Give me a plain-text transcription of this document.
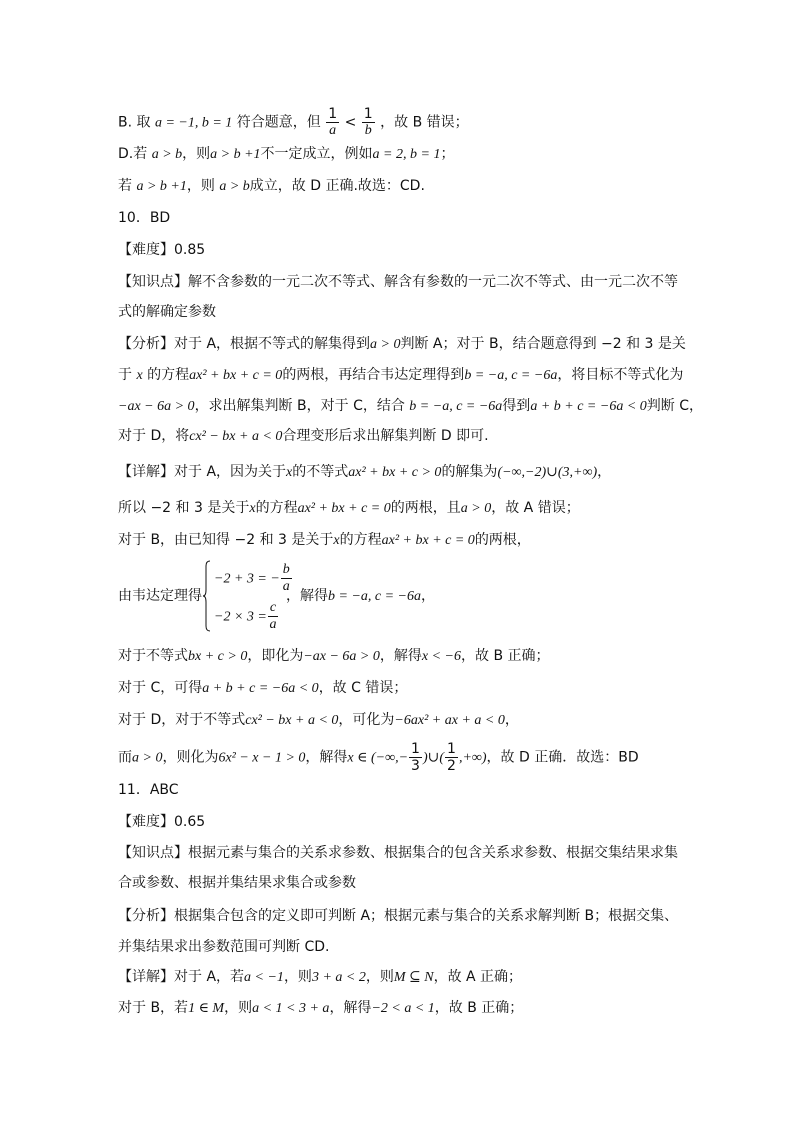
B. 取 a = −1, b = 1 符合题意，但 $\frac{1}{a} < \frac{1}{b}$ ，故 B 错误；
D.若 a > b，则a > b +1不一定成立，例如a = 2, b = 1；
若 a > b +1，则 a > b成立，故 D 正确.故选：CD.
10．BD
【难度】0.85
【知识点】解不含参数的一元二次不等式、解含有参数的一元二次不等式、由一元二次不等
式的解确定参数
【分析】对于 A，根据不等式的解集得到a > 0判断 A；对于 B，结合题意得到 −2 和 3 是关
于 x 的方程ax² + bx + c = 0的两根，再结合韦达定理得到b = −a, c = −6a，将目标不等式化为
−ax − 6a > 0，求出解集判断 B，对于 C，结合 b = −a, c = −6a得到a + b + c = −6a < 0判断 C，
对于 D，将cx² − bx + a < 0合理变形后求出解集判断 D 即可.
【详解】对于 A，因为关于x的不等式ax² + bx + c > 0的解集为(−∞,−2)∪(3,+∞)，
所以 −2 和 3 是关于x的方程ax² + bx + c = 0的两根，且a > 0，故 A 错误；
对于 B，由已知得 −2 和 3 是关于x的方程ax² + bx + c = 0的两根，
由韦达定理得
−2 + 3 = − $\frac{b}{a}$
$-2 \times 3 = \frac{c}{a}$
，解得b = −a, c = −6a，
对于不等式bx + c > 0，即化为−ax − 6a > 0，解得x < −6，故 B 正确；
对于 C，可得a + b + c = −6a < 0，故 C 错误；
对于 D，对于不等式cx² − bx + a < 0，可化为−6ax² + ax + a < 0，
而a > 0，则化为6x² − x − 1 > 0，解得x ∈ (−∞,− $\frac{1}{3}$ )∪( $\frac{1}{2}$ ,+∞)，故 D 正确．故选：BD
11．ABC
【难度】0.65
【知识点】根据元素与集合的关系求参数、根据集合的包含关系求参数、根据交集结果求集
合或参数、根据并集结果求集合或参数
【分析】根据集合包含的定义即可判断 A；根据元素与集合的关系求解判断 B；根据交集、
并集结果求出参数范围可判断 CD.
【详解】对于 A，若a < −1，则3 + a < 2，则M ⊆ N，故 A 正确；
对于 B，若1 ∈ M，则a < 1 < 3 + a，解得−2 < a < 1，故 B 正确；
